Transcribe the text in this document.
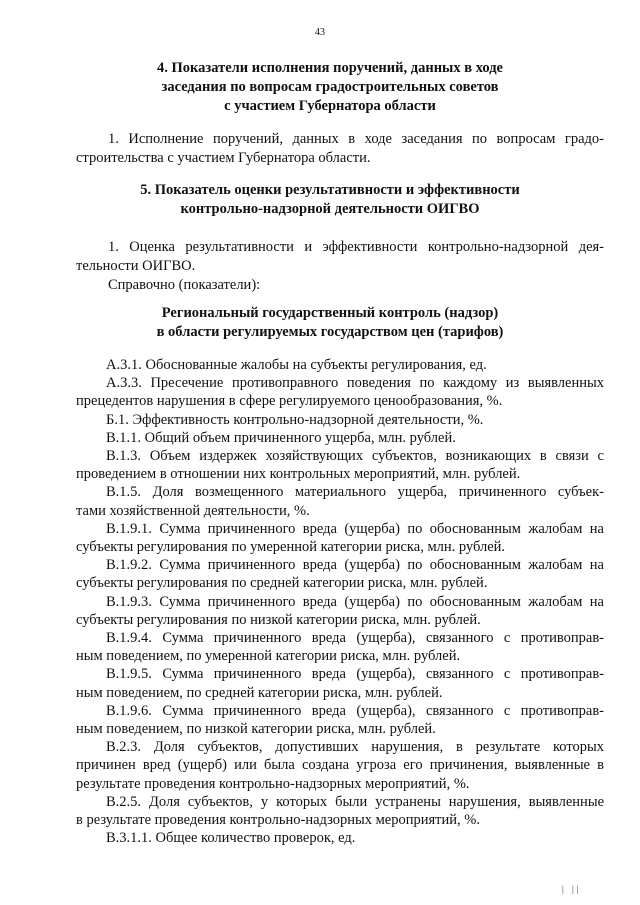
43
4. Показатели исполнения поручений, данных в ходе
заседания по вопросам градостроительных советов
с участием Губернатора области
1. Исполнение поручений, данных в ходе заседания по вопросам градо-
строительства с участием Губернатора области.
5. Показатель оценки результативности и эффективности
контрольно-надзорной деятельности ОИГВО
1. Оценка результативности и эффективности контрольно-надзорной дея-
тельности ОИГВО.
Справочно (показатели):
Региональный государственный контроль (надзор)
в области регулируемых государством цен (тарифов)
А.3.1. Обоснованные жалобы на субъекты регулирования, ед.
А.3.3. Пресечение противоправного поведения по каждому из выявленных
прецедентов нарушения в сфере регулируемого ценообразования, %.
Б.1. Эффективность контрольно-надзорной деятельности, %.
В.1.1. Общий объем причиненного ущерба, млн. рублей.
В.1.3. Объем издержек хозяйствующих субъектов, возникающих в связи с
проведением в отношении них контрольных мероприятий, млн. рублей.
В.1.5. Доля возмещенного материального ущерба, причиненного субъек-
тами хозяйственной деятельности, %.
В.1.9.1. Сумма причиненного вреда (ущерба) по обоснованным жалобам на
субъекты регулирования по умеренной категории риска, млн. рублей.
В.1.9.2. Сумма причиненного вреда (ущерба) по обоснованным жалобам на
субъекты регулирования по средней категории риска, млн. рублей.
В.1.9.3. Сумма причиненного вреда (ущерба) по обоснованным жалобам на
субъекты регулирования по низкой категории риска, млн. рублей.
В.1.9.4. Сумма причиненного вреда (ущерба), связанного с противоправ-
ным поведением, по умеренной категории риска, млн. рублей.
В.1.9.5. Сумма причиненного вреда (ущерба), связанного с противоправ-
ным поведением, по средней категории риска, млн. рублей.
В.1.9.6. Сумма причиненного вреда (ущерба), связанного с противоправ-
ным поведением, по низкой категории риска, млн. рублей.
В.2.3. Доля субъектов, допустивших нарушения, в результате которых
причинен вред (ущерб) или была создана угроза его причинения, выявленные в
результате проведения контрольно-надзорных мероприятий, %.
В.2.5. Доля субъектов, у которых были устранены нарушения, выявленные
в результате проведения контрольно-надзорных мероприятий, %.
В.3.1.1. Общее количество проверок, ед.
| ||
